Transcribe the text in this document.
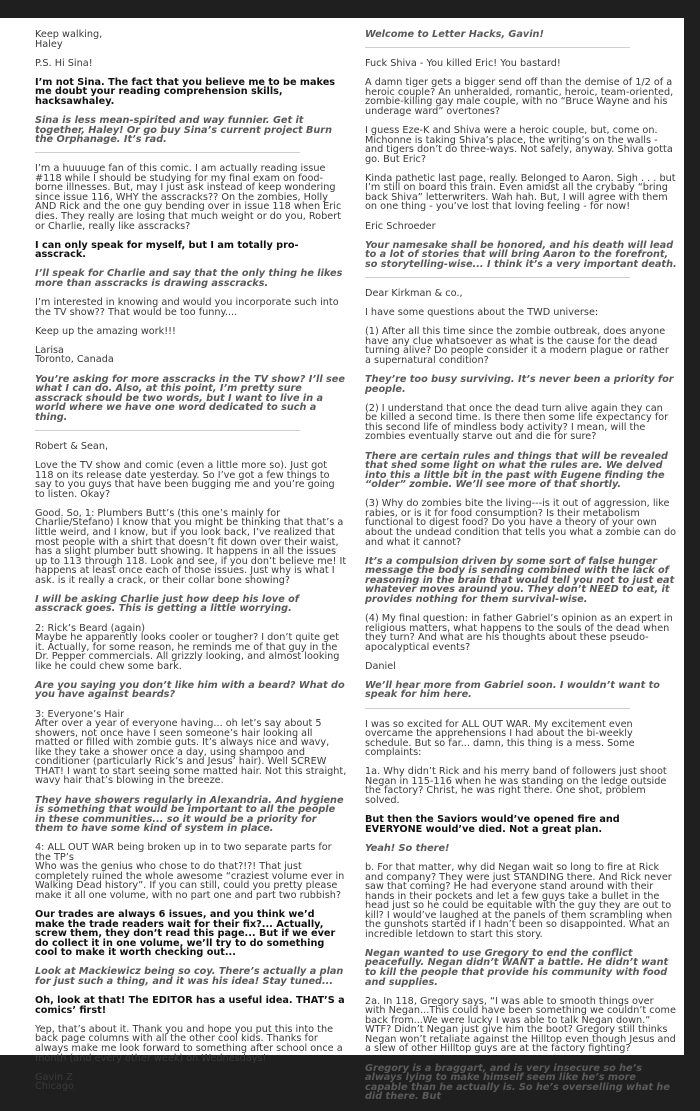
Keep walking,
Haley
P.S. Hi Sina!
I’m not Sina. The fact that you believe me to be makes me doubt your reading comprehension skills, hacksawhaley.
Sina is less mean-spirited and way funnier. Get it together, Haley! Or go buy Sina’s current project Burn the Orphanage. It’s rad.
I’m a huuuuge fan of this comic. I am actually reading issue #118 while I should be studying for my final exam on food-borne illnesses. But, may I just ask instead of keep wondering since issue 116, WHY the asscracks?? On the zombies, Holly AND Rick and the one guy bending over in issue 118 when Eric dies. They really are losing that much weight or do you, Robert or Charlie, really like asscracks?
I can only speak for myself, but I am totally pro-asscrack.
I’ll speak for Charlie and say that the only thing he likes more than asscracks is drawing asscracks.
I’m interested in knowing and would you incorporate such into the TV show?? That would be too funny....
Keep up the amazing work!!!
Larisa
Toronto, Canada
You’re asking for more asscracks in the TV show? I’ll see what I can do. Also, at this point, I’m pretty sure asscrack should be two words, but I want to live in a world where we have one word dedicated to such a thing.
Robert & Sean,
Love the TV show and comic (even a little more so). Just got 118 on its release date yesterday. So I’ve got a few things to say to you guys that have been bugging me and you’re going to listen. Okay?
Good. So, 1: Plumbers Butt’s (this one’s mainly for Charlie/Stefano) I know that you might be thinking that that’s a little weird, and I know, but if you look back, I’ve realized that most people with a shirt that doesn’t fit down over their waist, has a slight plumber butt showing. It happens in all the issues up to 113 through 118. Look and see, if you don’t believe me! It happens at least once each of those issues. Just why is what I ask. is it really a crack, or their collar bone showing?
I will be asking Charlie just how deep his love of asscrack goes. This is getting a little worrying.
2: Rick’s Beard (again)
Maybe he apparently looks cooler or tougher? I don’t quite get it. Actually, for some reason, he reminds me of that guy in the Dr. Pepper commercials. All grizzly looking, and almost looking like he could chew some bark.
Are you saying you don’t like him with a beard? What do you have against beards?
3: Everyone’s Hair
After over a year of everyone having... oh let’s say about 5 showers, not once have I seen someone’s hair looking all matted or filled with zombie guts. It’s always nice and wavy, like they take a shower once a day, using shampoo and conditioner (particularly Rick’s and Jesus’ hair). Well SCREW THAT! I want to start seeing some matted hair. Not this straight, wavy hair that’s blowing in the breeze.
They have showers regularly in Alexandria. And hygiene is something that would be important to all the people in these communities... so it would be a priority for them to have some kind of system in place.
4: ALL OUT WAR being broken up in to two separate parts for the TP’s
Who was the genius who chose to do that?!?! That just completely ruined the whole awesome “craziest volume ever in Walking Dead history”. If you can still, could you pretty please make it all one volume, with no part one and part two rubbish?
Our trades are always 6 issues, and you think we’d make the trade readers wait for their fix?... Actually, screw them, they don’t read this page... But if we ever do collect it in one volume, we’ll try to do something cool to make it worth checking out...
Look at Mackiewicz being so coy. There’s actually a plan for just such a thing, and it was his idea! Stay tuned...
Oh, look at that! The EDITOR has a useful idea. THAT’S a comics’ first!
Yep, that’s about it. Thank you and hope you put this into the back page columns with all the other cool kids. Thanks for always make me look forward to something after school once a month (and every other week) on Wednesdays!
Gavin Z
Chicago
Welcome to Letter Hacks, Gavin!
Fuck Shiva - You killed Eric! You bastard!
A damn tiger gets a bigger send off than the demise of 1/2 of a heroic couple? An unheralded, romantic, heroic, team-oriented, zombie-killing gay male couple, with no “Bruce Wayne and his underage ward” overtones?
I guess Eze-K and Shiva were a heroic couple, but, come on. Michonne is taking Shiva’s place, the writing’s on the walls - and tigers don’t do three-ways. Not safely, anyway. Shiva gotta go. But Eric?
Kinda pathetic last page, really. Belonged to Aaron. Sigh . . . but I’m still on board this train. Even amidst all the crybaby “bring back Shiva” letterwriters. Wah hah. But, I will agree with them on one thing - you’ve lost that loving feeling - for now!
Eric Schroeder
Your namesake shall be honored, and his death will lead to a lot of stories that will bring Aaron to the forefront, so storytelling-wise... I think it’s a very important death.
Dear Kirkman & co.,
I have some questions about the TWD universe:
(1) After all this time since the zombie outbreak, does anyone have any clue whatsoever as what is the cause for the dead turning alive? Do people consider it a modern plague or rather a supernatural condition?
They’re too busy surviving. It’s never been a priority for people.
(2) I understand that once the dead turn alive again they can be killed a second time. Is there then some life expectancy for this second life of mindless body activity? I mean, will the zombies eventually starve out and die for sure?
There are certain rules and things that will be revealed that shed some light on what the rules are. We delved into this a little bit in the past with Eugene finding the “older” zombie. We’ll see more of that shortly.
(3) Why do zombies bite the living---is it out of aggression, like rabies, or is it for food consumption? Is their metabolism functional to digest food? Do you have a theory of your own about the undead condition that tells you what a zombie can do and what it cannot?
It’s a compulsion driven by some sort of false hunger message the body is sending combined with the lack of reasoning in the brain that would tell you not to just eat whatever moves around you. They don’t NEED to eat, it provides nothing for them survival-wise.
(4) My final question: in father Gabriel’s opinion as an expert in religious matters, what happens to the souls of the dead when they turn? And what are his thoughts about these pseudo-apocalyptical events?
Daniel
We’ll hear more from Gabriel soon. I wouldn’t want to speak for him here.
I was so excited for ALL OUT WAR. My excitement even overcame the apprehensions I had about the bi-weekly schedule. But so far... damn, this thing is a mess. Some complaints:
1a. Why didn’t Rick and his merry band of followers just shoot Negan in 115-116 when he was standing on the ledge outside the factory? Christ, he was right there. One shot, problem solved.
But then the Saviors would’ve opened fire and EVERYONE would’ve died. Not a great plan.
Yeah! So there!
b. For that matter, why did Negan wait so long to fire at Rick and company? They were just STANDING there. And Rick never saw that coming? He had everyone stand around with their hands in their pockets and let a few guys take a bullet in the head just so he could be equitable with the guy they are out to kill? I would’ve laughed at the panels of them scrambling when the gunshots started if I hadn’t been so disappointed. What an incredible letdown to start this story.
Negan wanted to use Gregory to end the conflict peacefully. Negan didn’t WANT a battle. He didn’t want to kill the people that provide his community with food and supplies.
2a. In 118, Gregory says, “I was able to smooth things over with Negan...This could have been something we couldn’t come back from...We were lucky I was able to talk Negan down.” WTF? Didn’t Negan just give him the boot? Gregory still thinks Negan won’t retaliate against the Hilltop even though Jesus and a slew of other Hilltop guys are at the factory fighting?
Gregory is a braggart, and is very insecure so he’s always lying to make himself seem like he’s more capable than he actually is. So he’s overselling what he did there. But
